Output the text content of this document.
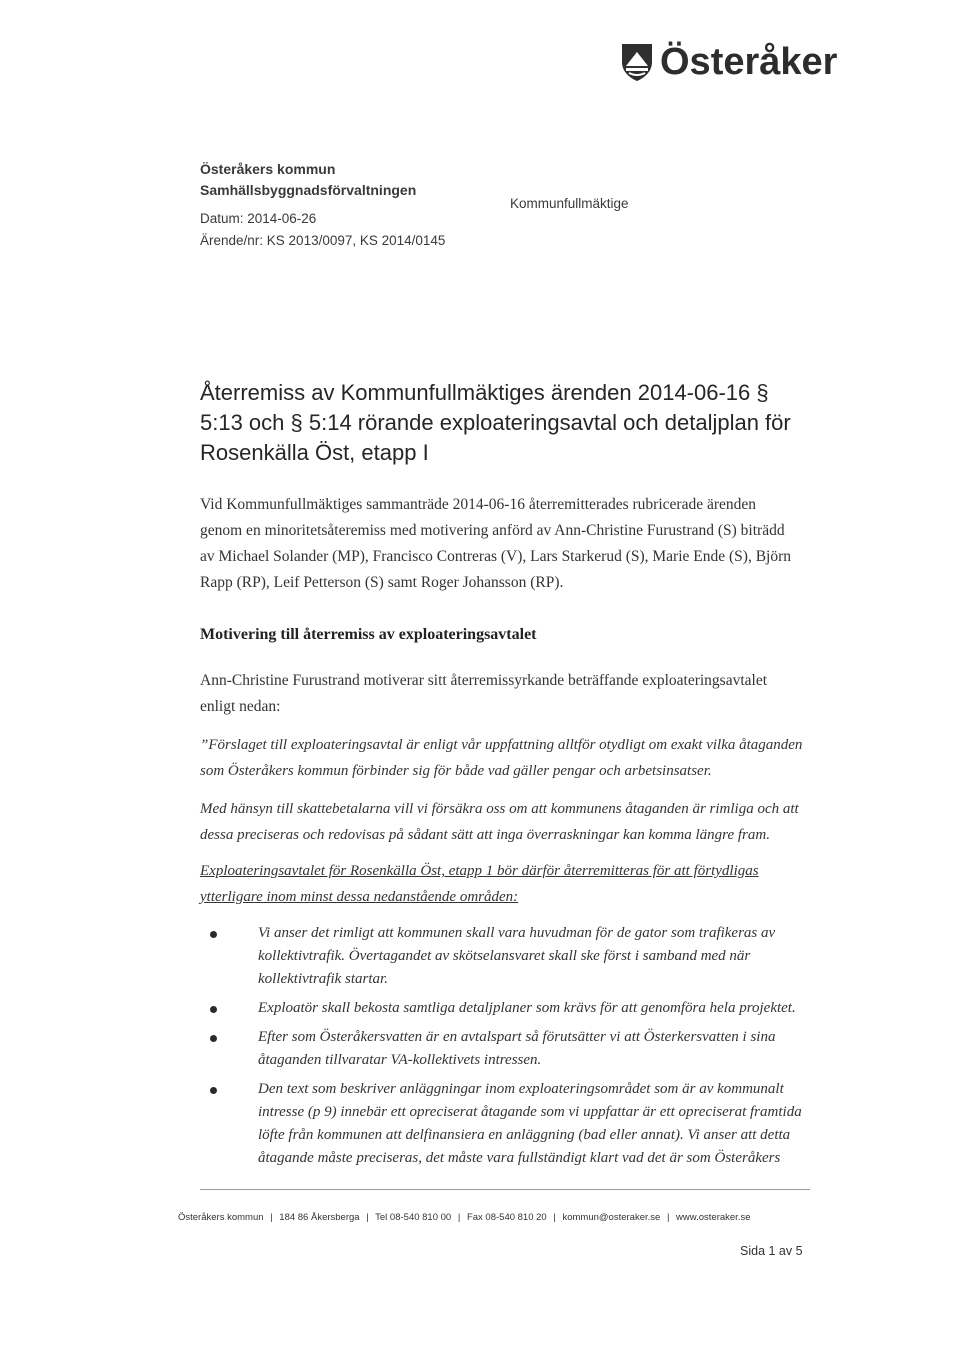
Österåker
Österåkers kommun
Samhällsbyggnadsförvaltningen
Datum: 2014-06-26
Ärende/nr: KS 2013/0097, KS 2014/0145
Kommunfullmäktige
Återremiss av Kommunfullmäktiges ärenden 2014-06-16 § 5:13 och § 5:14 rörande exploateringsavtal och detaljplan för Rosenkälla Öst, etapp I
Vid Kommunfullmäktiges sammanträde 2014-06-16 återremitterades rubricerade ärenden genom en minoritetsåteremiss med motivering anförd av Ann-Christine Furustrand (S) biträdd av Michael Solander (MP), Francisco Contreras (V), Lars Starkerud (S), Marie Ende (S), Björn Rapp (RP), Leif Petterson (S) samt Roger Johansson (RP).
Motivering till återremiss av exploateringsavtalet
Ann-Christine Furustrand motiverar sitt återremissyrkande beträffande exploateringsavtalet enligt nedan:
”Förslaget till exploateringsavtal är enligt vår uppfattning alltför otydligt om exakt vilka åtaganden som Österåkers kommun förbinder sig för både vad gäller pengar och arbetsinsatser.
Med hänsyn till skattebetalarna vill vi försäkra oss om att kommunens åtaganden är rimliga och att dessa preciseras och redovisas på sådant sätt att inga överraskningar kan komma längre fram.
Exploateringsavtalet för Rosenkälla Öst, etapp 1 bör därför återremitteras för att förtydligas ytterligare inom minst dessa nedanstående områden:
Vi anser det rimligt att kommunen skall vara huvudman för de gator som trafikeras av kollektivtrafik. Övertagandet av skötselansvaret skall ske först i samband med när kollektivtrafik startar.
Exploatör skall bekosta samtliga detaljplaner som krävs för att genomföra hela projektet.
Efter som Österåkersvatten är en avtalspart så förutsätter vi att Österkersvatten i sina åtaganden tillvaratar VA-kollektivets intressen.
Den text som beskriver anläggningar inom exploateringsområdet som är av kommunalt intresse (p 9) innebär ett opreciserat åtagande som vi uppfattar är ett opreciserat framtida löfte från kommunen att delfinansiera en anläggning (bad eller annat). Vi anser att detta åtagande måste preciseras, det måste vara fullständigt klart vad det är som Österåkers
Österåkers kommun | 184 86 Åkersberga | Tel 08-540 810 00 | Fax 08-540 810 20 | kommun@osteraker.se | www.osteraker.se
Sida 1 av 5
